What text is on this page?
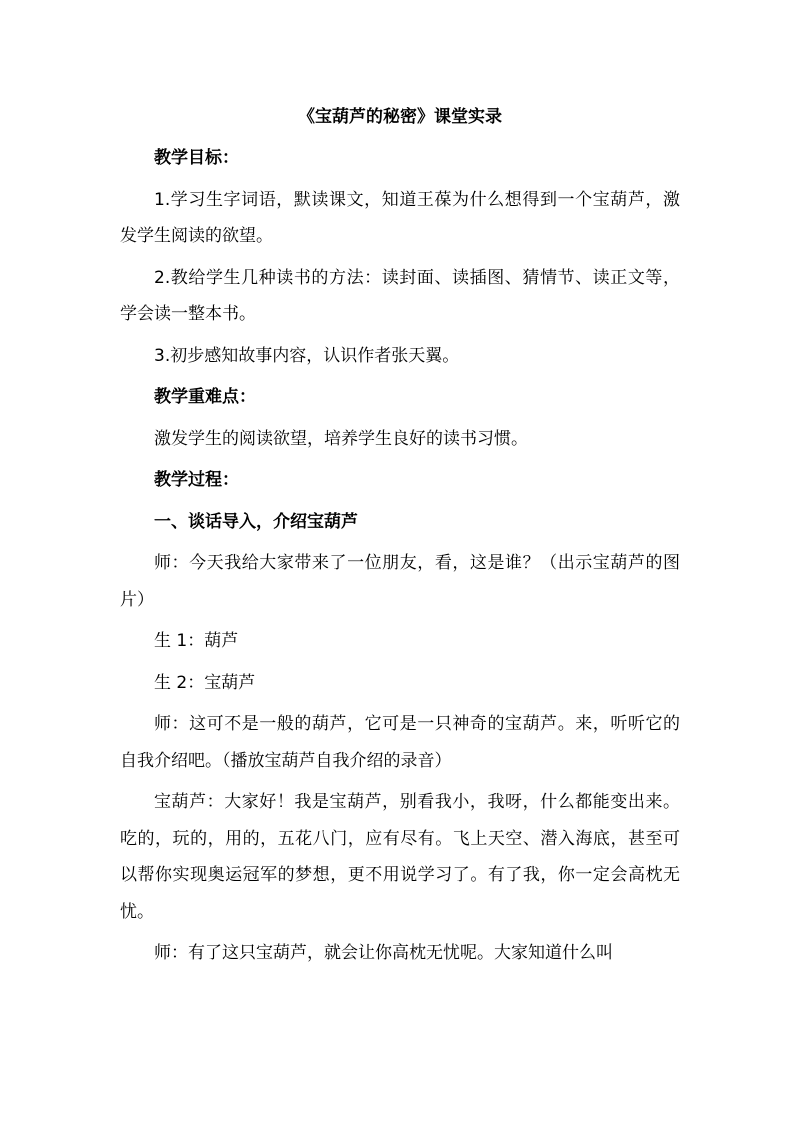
《宝葫芦的秘密》课堂实录

教学目标：

1.学习生字词语，默读课文，知道王葆为什么想得到一个宝葫芦，激发学生阅读的欲望。

2.教给学生几种读书的方法：读封面、读插图、猜情节、读正文等，学会读一整本书。

3.初步感知故事内容，认识作者张天翼。

教学重难点：

激发学生的阅读欲望，培养学生良好的读书习惯。

教学过程：

一、谈话导入，介绍宝葫芦

师：今天我给大家带来了一位朋友，看，这是谁？（出示宝葫芦的图片）

生 1：葫芦

生 2：宝葫芦

师：这可不是一般的葫芦，它可是一只神奇的宝葫芦。来，听听它的自我介绍吧。（播放宝葫芦自我介绍的录音）

宝葫芦：大家好！我是宝葫芦，别看我小，我呀，什么都能变出来。吃的，玩的，用的，五花八门，应有尽有。飞上天空、潜入海底，甚至可以帮你实现奥运冠军的梦想，更不用说学习了。有了我，你一定会高枕无忧。

师：有了这只宝葫芦，就会让你高枕无忧呢。大家知道什么叫
